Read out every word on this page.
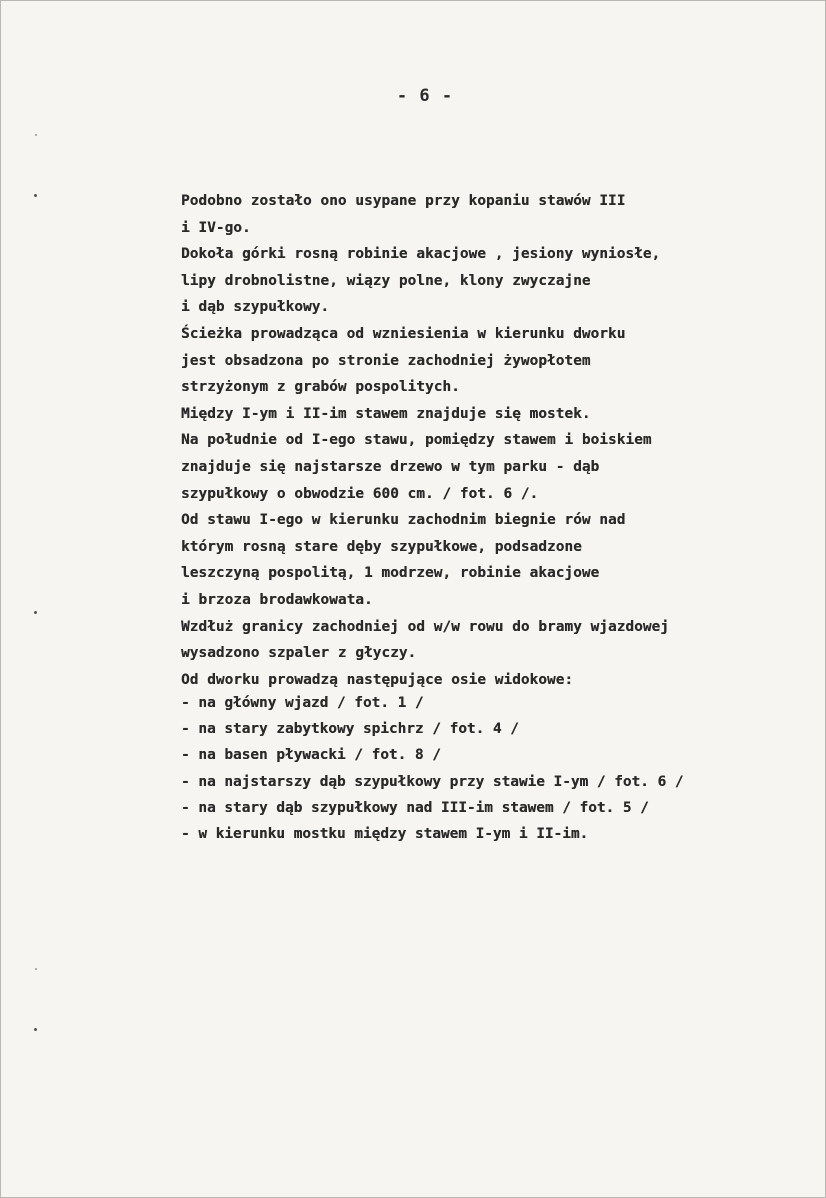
- 6 -
Podobno zostało ono usypane przy kopaniu stawów III
i IV-go.
Dokoła górki rosną robinie akacjowe , jesiony wyniosłe,
lipy drobnolistne, wiązy polne, klony zwyczajne
i dąb szypułkowy.
Ścieżka prowadząca od wzniesienia w kierunku dworku
jest obsadzona po stronie zachodniej żywopłotem
strzyżonym z grabów pospolitych.
Między I-ym i II-im stawem znajduje się mostek.
Na południe od I-ego stawu, pomiędzy stawem i boiskiem
znajduje się najstarsze drzewo w tym parku - dąb
szypułkowy o obwodzie 600 cm. / fot. 6 /.
Od stawu I-ego w kierunku zachodnim biegnie rów nad
którym rosną stare dęby szypułkowe, podsadzone
leszczyną pospolitą, 1 modrzew, robinie akacjowe
i brzoza brodawkowata.
Wzdłuż granicy zachodniej od w/w rowu do bramy wjazdowej
wysadzono szpaler z głyczy.
Od dworku prowadzą następujące osie widokowe:
- na główny wjazd / fot. 1 /
- na stary zabytkowy spichrz / fot. 4 /
- na basen pływacki / fot. 8 /
- na najstarszy dąb szypułkowy przy stawie I-ym / fot. 6 /
- na stary dąb szypułkowy nad III-im stawem / fot. 5 /
- w kierunku mostku między stawem I-ym i II-im.
